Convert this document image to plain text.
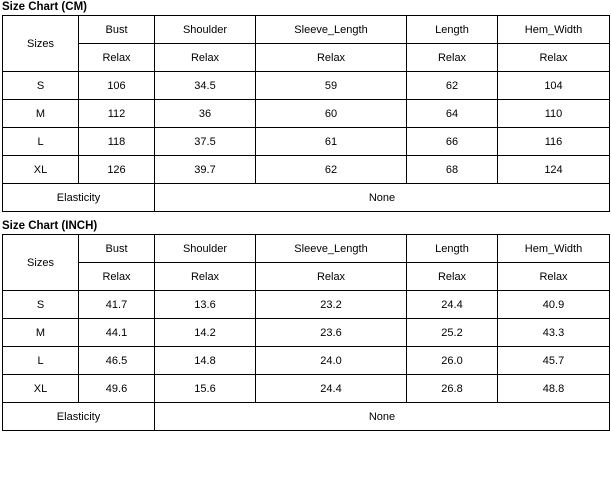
Size Chart (CM)
Sizes	Bust	Shoulder	Sleeve_Length	Length	Hem_Width
	Relax	Relax	Relax	Relax	Relax
S	106	34.5	59	62	104
M	112	36	60	64	110
L	118	37.5	61	66	116
XL	126	39.7	62	68	124
Elasticity		None			
Size Chart (INCH)
Sizes	Bust	Shoulder	Sleeve_Length	Length	Hem_Width
	Relax	Relax	Relax	Relax	Relax
S	41.7	13.6	23.2	24.4	40.9
M	44.1	14.2	23.6	25.2	43.3
L	46.5	14.8	24.0	26.0	45.7
XL	49.6	15.6	24.4	26.8	48.8
Elasticity		None			
